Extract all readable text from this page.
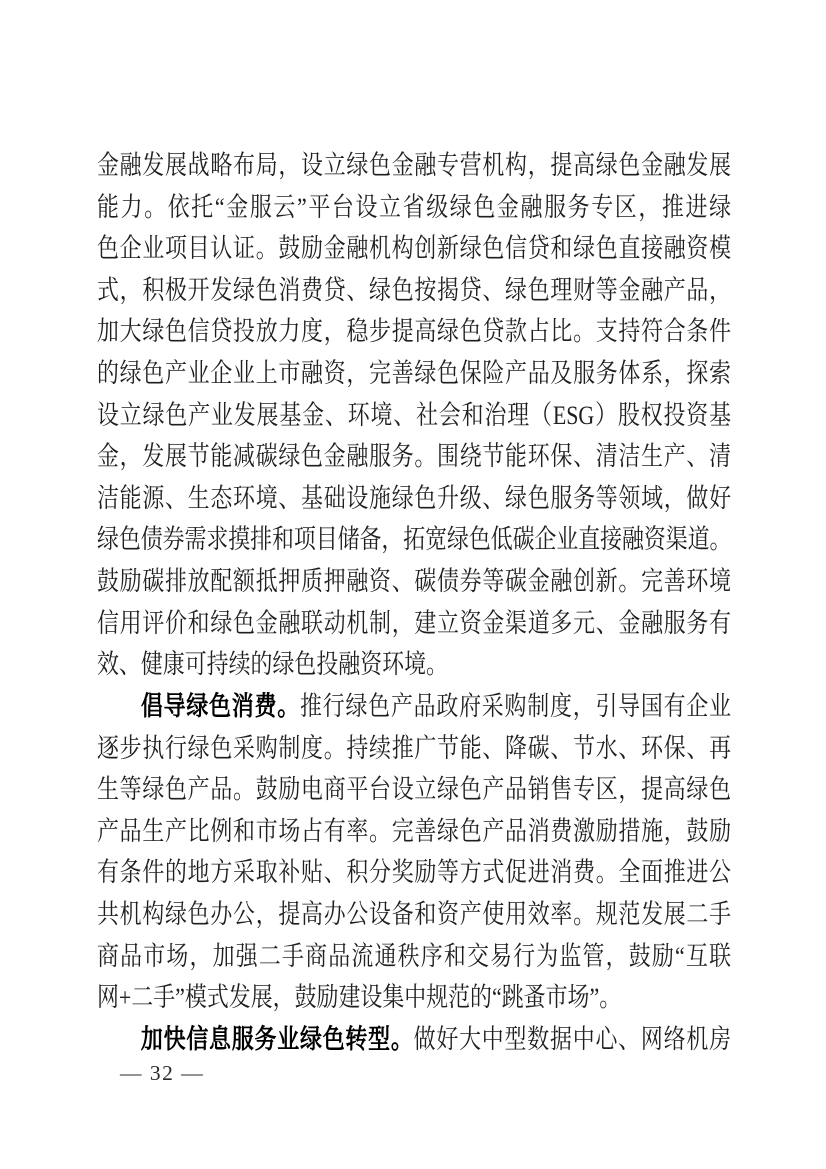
金融发展战略布局，设立绿色金融专营机构，提高绿色金融发展
能力。依托“金服云”平台设立省级绿色金融服务专区，推进绿
色企业项目认证。鼓励金融机构创新绿色信贷和绿色直接融资模
式，积极开发绿色消费贷、绿色按揭贷、绿色理财等金融产品，
加大绿色信贷投放力度，稳步提高绿色贷款占比。支持符合条件
的绿色产业企业上市融资，完善绿色保险产品及服务体系，探索
设立绿色产业发展基金、环境、社会和治理（ESG）股权投资基
金，发展节能减碳绿色金融服务。围绕节能环保、清洁生产、清
洁能源、生态环境、基础设施绿色升级、绿色服务等领域，做好
绿色债券需求摸排和项目储备，拓宽绿色低碳企业直接融资渠道。
鼓励碳排放配额抵押质押融资、碳债券等碳金融创新。完善环境
信用评价和绿色金融联动机制，建立资金渠道多元、金融服务有
效、健康可持续的绿色投融资环境。
倡导绿色消费。推行绿色产品政府采购制度，引导国有企业
逐步执行绿色采购制度。持续推广节能、降碳、节水、环保、再
生等绿色产品。鼓励电商平台设立绿色产品销售专区，提高绿色
产品生产比例和市场占有率。完善绿色产品消费激励措施，鼓励
有条件的地方采取补贴、积分奖励等方式促进消费。全面推进公
共机构绿色办公，提高办公设备和资产使用效率。规范发展二手
商品市场，加强二手商品流通秩序和交易行为监管，鼓励“互联
网+二手”模式发展，鼓励建设集中规范的“跳蚤市场”。
加快信息服务业绿色转型。做好大中型数据中心、网络机房
— 32 —
